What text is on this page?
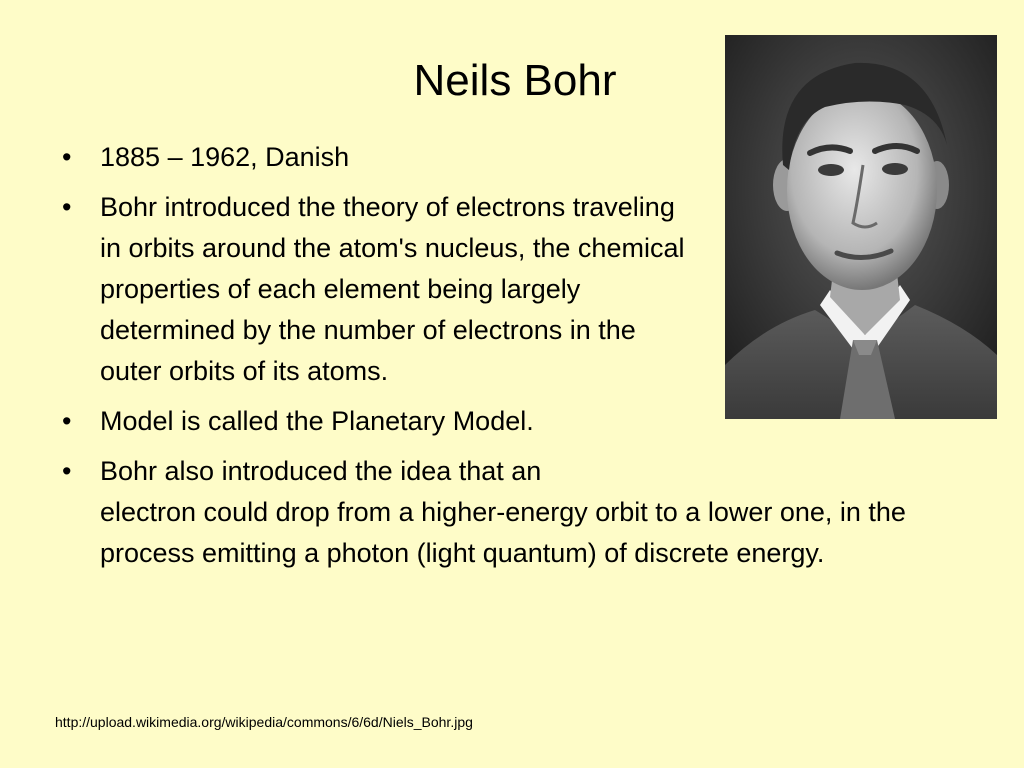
Neils Bohr
• 1885 – 1962, Danish
• Bohr introduced the theory of electrons traveling in orbits around the atom's nucleus, the chemical properties of each element being largely determined by the number of electrons in the outer orbits of its atoms.
• Model is called the Planetary Model.
• Bohr also introduced the idea that an
electron could drop from a higher-energy orbit to a lower one, in the process emitting a photon (light quantum) of discrete energy.
http://upload.wikimedia.org/wikipedia/commons/6/6d/Niels_Bohr.jpg
